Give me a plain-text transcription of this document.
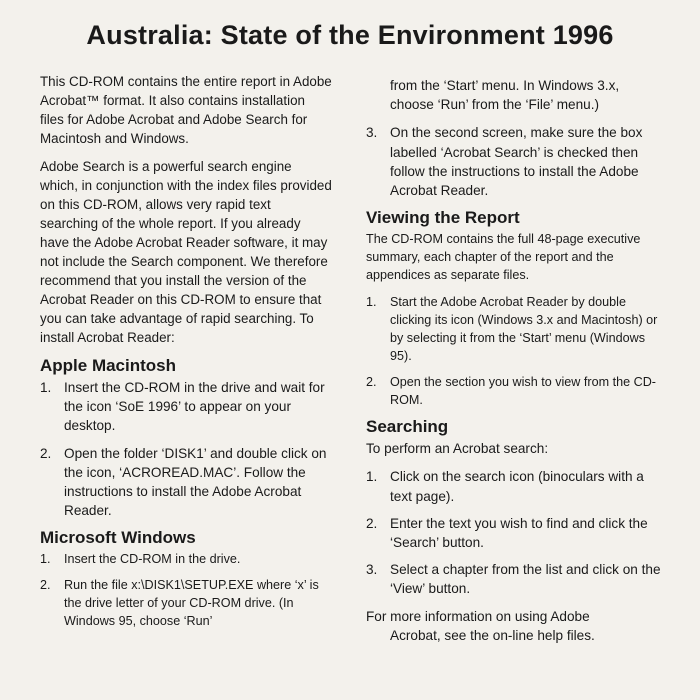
Australia: State of the Environment 1996

This CD-ROM contains the entire report in Adobe Acrobat™ format. It also contains installation files for Adobe Acrobat and Adobe Search for Macintosh and Windows.

Adobe Search is a powerful search engine which, in conjunction with the index files provided on this CD-ROM, allows very rapid text searching of the whole report. If you already have the Adobe Acrobat Reader software, it may not include the Search component. We therefore recommend that you install the version of the Acrobat Reader on this CD-ROM to ensure that you can take advantage of rapid searching. To install Acrobat Reader:

Apple Macintosh
1. Insert the CD-ROM in the drive and wait for the icon ‘SoE 1996’ to appear on your desktop.
2. Open the folder ‘DISK1’ and double click on the icon, ‘ACROREAD.MAC’. Follow the instructions to install the Adobe Acrobat Reader.
Microsoft Windows
1. Insert the CD-ROM in the drive.
2. Run the file x:\DISK1\SETUP.EXE where ‘x’ is the drive letter of your CD-ROM drive. (In Windows 95, choose ‘Run’

from the ‘Start’ menu. In Windows 3.x, choose ‘Run’ from the ‘File’ menu.)

3. On the second screen, make sure the box labelled ‘Acrobat Search’ is checked then follow the instructions to install the Adobe Acrobat Reader.
Viewing the Report

The CD-ROM contains the full 48-page executive summary, each chapter of the report and the appendices as separate files.

1. Start the Adobe Acrobat Reader by double clicking its icon (Windows 3.x and Macintosh) or by selecting it from the ‘Start’ menu (Windows 95).
2. Open the section you wish to view from the CD-ROM.
Searching

To perform an Acrobat search:

1. Click on the search icon (binoculars with a text page).
2. Enter the text you wish to find and click the ‘Search’ button.
3. Select a chapter from the list and click on the ‘View’ button.

For more information on using Adobe
Acrobat, see the on-line help files.
